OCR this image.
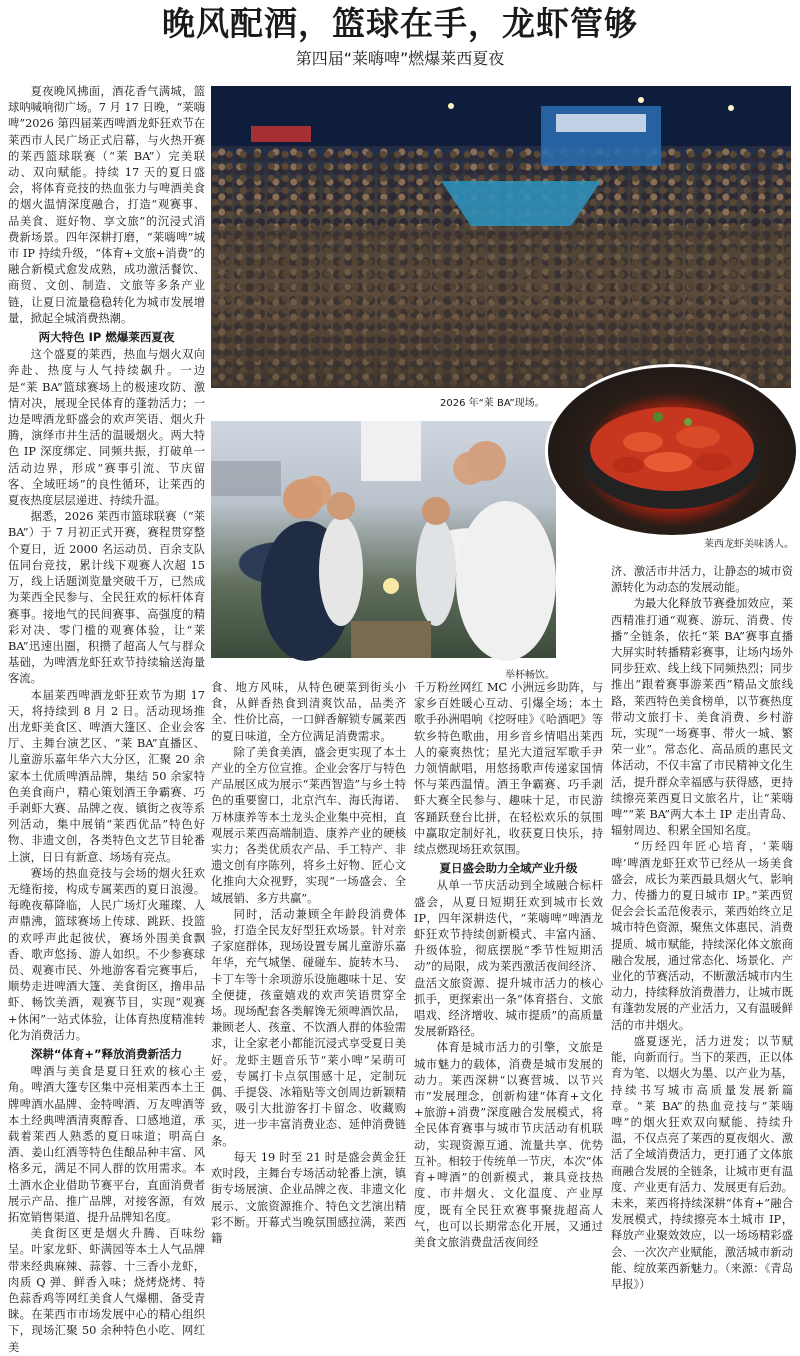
晚风配酒，篮球在手，龙虾管够
第四届“莱嗨啤”燃爆莱西夏夜

夏夜晚风拂面，酒花香气满城，篮球呐喊响彻广场。7 月 17 日晚，“莱嗨啤”2026 第四届莱西啤酒龙虾狂欢节在莱西市人民广场正式启幕，与火热开赛的莱西篮球联赛（“莱 BA”）完美联动、双向赋能。持续 17 天的夏日盛会，将体育竞技的热血张力与啤酒美食的烟火温情深度融合，打造“观赛事、品美食、逛好物、享文旅”的沉浸式消费新场景。四年深耕打磨，“莱嗨啤”城市 IP 持续升级，“体育+文旅+消费”的融合新模式愈发成熟，成功激活餐饮、商贸、文创、制造、文旅等多条产业链，让夏日流量稳稳转化为城市发展增量，掀起全城消费热潮。

两大特色 IP 燃爆莱西夏夜

这个盛夏的莱西，热血与烟火双向奔赴、热度与人气持续飙升。一边是“莱 BA”篮球赛场上的极速攻防、激情对决，展现全民体育的蓬勃活力；一边是啤酒龙虾盛会的欢声笑语、烟火升腾，演绎市井生活的温暖烟火。两大特色 IP 深度绑定、同频共振，打破单一活动边界，形成“赛事引流、节庆留客、全域旺场”的良性循环，让莱西的夏夜热度层层递进、持续升温。

据悉，2026 莱西市篮球联赛（“莱 BA”）于 7 月初正式开赛，赛程贯穿整个夏日，近 2000 名运动员、百余支队伍同台竞技，累计线下观赛人次超 15 万，线上话题浏览量突破千万，已然成为莱西全民参与、全民狂欢的标杆体育赛事。接地气的民间赛事、高强度的精彩对决、零门槛的观赛体验，让“莱 BA”迅速出圈，积攒了超高人气与群众基础，为啤酒龙虾狂欢节持续输送海量客流。

本届莱西啤酒龙虾狂欢节为期 17 天，将持续到 8 月 2 日。活动现场推出龙虾美食区、啤酒大篷区、企业会客厅、主舞台演艺区、“莱 BA”直播区、儿童游乐嘉年华六大分区，汇聚 20 余家本土优质啤酒品牌，集结 50 余家特色美食商户，精心策划酒王争霸赛、巧手剥虾大赛、品牌之夜、镇街之夜等系列活动，集中展销“莱西优品”特色好物、非遗文创，各类特色文艺节目轮番上演，日日有新意、场场有亮点。

赛场的热血竞技与会场的烟火狂欢无缝衔接，构成专属莱西的夏日浪漫。每晚夜幕降临，人民广场灯火璀璨、人声鼎沸，篮球赛场上传球、跳跃、投篮的欢呼声此起彼伏，赛场外围美食飘香、歌声悠扬、游人如织。不少参赛球员、观赛市民、外地游客看完赛事后，顺势走进啤酒大篷、美食街区，撸串品虾、畅饮美酒，观赛节目，实现“观赛+休闲”一站式体验，让体育热度精准转化为消费活力。

深耕“体育+”释放消费新活力

啤酒与美食是夏日狂欢的核心主角。啤酒大篷专区集中亮相莱西本土王牌啤酒水晶牌、金特啤酒、万友啤酒等本土经典啤酒清爽醇香、口感地道，承载着莱西人熟悉的夏日味道；明高白酒、姜山红酒等特色佳酿品种丰富、风格多元，满足不同人群的饮用需求。本土酒水企业借助节赛平台，直面消费者展示产品、推广品牌，对接客源，有效拓宽销售渠道、提升品牌知名度。

美食街区更是烟火升腾、百味纷呈。叶家龙虾、虾满园等本土人气品牌带来经典麻辣、蒜蓉、十三香小龙虾，肉质 Q 弹、鲜香入味；烧烤烧烤、特色蒜香鸡等网红美食人气爆棚、备受青睐。在莱西市市场发展中心的精心组织下，现场汇聚 50 余种特色小吃、网红美

2026 年“莱 BA”现场。
举杯畅饮。
莱西龙虾美味诱人。

食、地方风味，从特色硬菜到街头小食，从鲜香热食到清爽饮品，品类齐全、性价比高，一口鲜香解锁专属莱西的夏日味道，全方位满足消费需求。

除了美食美酒，盛会更实现了本土产业的全方位宣推。企业会客厅与特色产品展区成为展示“莱西智造”与乡土特色的重要窗口，北京汽车、海氏海诺、万林康养等本土龙头企业集中亮相，直观展示莱西高端制造、康养产业的硬核实力；各类优质农产品、手工特产、非遗文创有序陈列，将乡土好物、匠心文化推向大众视野，实现“一场盛会、全域展销、多方共赢”。

同时，活动兼顾全年龄段消费体验，打造全民友好型狂欢场景。针对亲子家庭群体，现场设置专属儿童游乐嘉年华，充气城堡、碰碰车、旋转木马、卡丁车等十余项游乐设施趣味十足、安全便捷，孩童嬉戏的欢声笑语贯穿全场。现场配套各类解馋无须啤酒饮品，兼顾老人、孩童、不饮酒人群的体验需求，让全家老小都能沉浸式享受夏日美好。龙虾主题音乐节“莱小啤”呆萌可爱，专属打卡点氛围感十足，定制玩偶、手提袋、冰箱贴等文创周边新颖精致，吸引大批游客打卡留念、收藏购买，进一步丰富消费业态、延伸消费链条。

每天 19 时至 21 时是盛会黄金狂欢时段，主舞台专场活动轮番上演，镇街专场展演、企业品牌之夜、非遗文化展示、文旅资源推介、特色文艺演出精彩不断。开幕式当晚氛围感拉满，莱西籍

千万粉丝网红 MC 小洲远乡助阵，与家乡百姓暖心互动、引爆全场；本土歌手孙洲唱响《挖呀哇》《哈酒吧》等软乡特色歌曲，用乡音乡情唱出莱西人的豪爽热忱；星光大道冠军歌手尹力领情献唱，用悠扬歌声传递家国情怀与莱西温情。酒王争霸赛、巧手剥虾大赛全民参与、趣味十足，市民游客踊跃登台比拼，在轻松欢乐的氛围中赢取定制好礼，收获夏日快乐，持续点燃现场狂欢氛围。

夏日盛会助力全域产业升级

从单一节庆活动到全域融合标杆盛会，从夏日短期狂欢到城市长效 IP，四年深耕迭代，“莱嗨啤”啤酒龙虾狂欢节持续创新模式、丰富内涵、升级体验，彻底摆脱“季节性短期活动”的局限，成为莱西激活夜间经济、盘活文旅资源、提升城市活力的核心抓手，更探索出一条“体育搭台、文旅唱戏、经济增收、城市提质”的高质量发展新路径。

体育是城市活力的引擎，文旅是城市魅力的载体，消费是城市发展的动力。莱西深耕“以赛营城、以节兴市”发展理念，创新构建“体育+文化+旅游+消费”深度融合发展模式，将全民体育赛事与城市节庆活动有机联动，实现资源互通、流量共享、优势互补。相较于传统单一节庆，本次“体育+啤酒”的创新模式，兼具竞技热度、市井烟火、文化温度、产业厚度，既有全民狂欢赛事聚拢超高人气，也可以长期常态化开展，又通过美食文旅消费盘活夜间经

济、激活市井活力，让静态的城市资源转化为动态的发展动能。

为最大化释放节赛叠加效应，莱西精准打通“观赛、游玩、消费、传播”全链条，依托“莱 BA”赛事直播大屏实时转播精彩赛事，让场内场外同步狂欢、线上线下同频热烈；同步推出“跟着赛事游莱西”精品文旅线路，莱西特色美食榜单，以节赛热度带动文旅打卡、美食消费、乡村游玩，实现“一场赛事、带火一城、繁荣一业”。常态化、高品质的惠民文体活动，不仅丰富了市民精神文化生活，提升群众幸福感与获得感，更持续擦亮莱西夏日文旅名片，让“莱嗨啤”“莱 BA”两大本土 IP 走出青岛、辐射周边、积累全国知名度。

“历经四年匠心培育，‘莱嗨啤’啤酒龙虾狂欢节已经从一场美食盛会，成长为莱西最具烟火气、影响力、传播力的夏日城市 IP。”莱西贸促会会长孟范俊表示，莱西始终立足城市特色资源，聚焦文体惠民、消费提质、城市赋能，持续深化体文旅商融合发展，通过常态化、场景化、产业化的节赛活动，不断激活城市内生动力，持续释放消费潜力，让城市既有蓬勃发展的产业活力，又有温暖鲜活的市井烟火。

盛夏逐光，活力迸发；以节赋能，向新而行。当下的莱西，正以体育为笔、以烟火为墨、以产业为基，持续书写城市高质量发展新篇章。“莱 BA”的热血竞技与“莱嗨啤”的烟火狂欢双向赋能、持续升温，不仅点亮了莱西的夏夜烟火、激活了全域消费活力，更打通了文体旅商融合发展的全链条，让城市更有温度、产业更有活力、发展更有后劲。未来，莱西将持续深耕“体育+”融合发展模式，持续擦亮本土城市 IP，释放产业聚效效应，以一场场精彩盛会、一次次产业赋能，激活城市新动能、绽放莱西新魅力。（来源：《青岛早报》）
